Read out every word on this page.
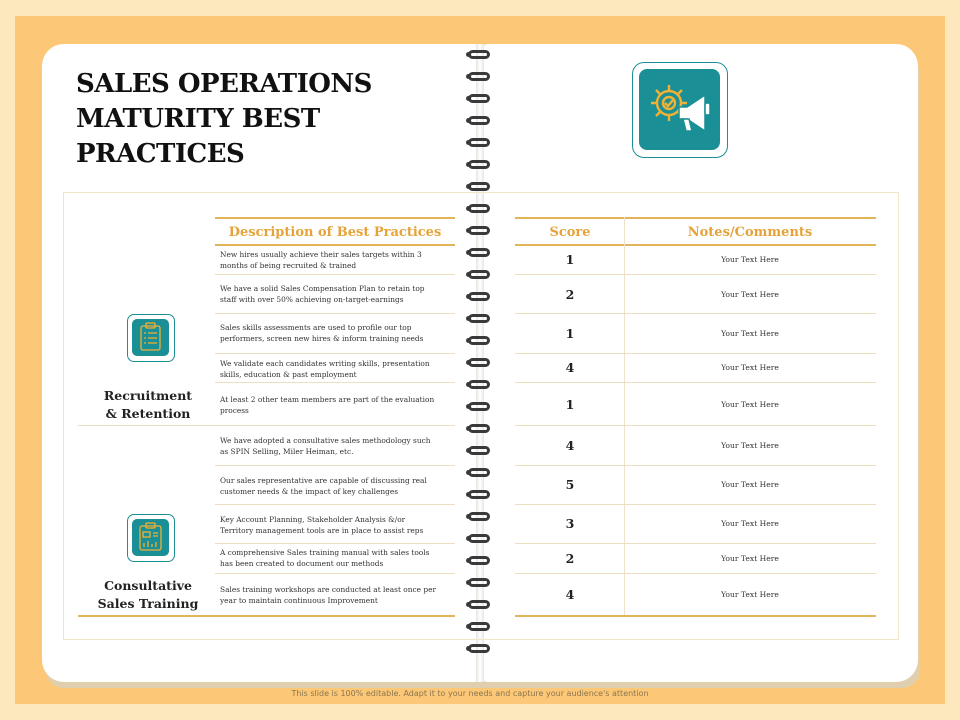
SALES OPERATIONS MATURITY BEST PRACTICES
Description of Best Practices	Score	Notes/Comments
Recruitment
& Retention
Consultative
Sales Training
New hires usually achieve their sales targets within 3
months of being recruited & trained
We have a solid Sales Compensation Plan to retain top
staff with over 50% achieving on-target-earnings
Sales skills assessments are used to profile our top
performers, screen new hires & inform training needs
We validate each candidates writing skills, presentation
skills, education & past employment
At least 2 other team members are part of the evaluation
process
We have adopted a consultative sales methodology such
as SPIN Selling, Miler Heiman, etc.
Our sales representative are capable of discussing real
customer needs & the impact of key challenges
Key Account Planning, Stakeholder Analysis &/or
Territory management tools are in place to assist reps
A comprehensive Sales training manual with sales tools
has been created to document our methods
Sales training workshops are conducted at least once per
year to maintain continuous Improvement
1
2
1
4
1
4
5
3
2
4
Your Text Here
Your Text Here
Your Text Here
Your Text Here
Your Text Here
Your Text Here
Your Text Here
Your Text Here
Your Text Here
Your Text Here
This slide is 100% editable. Adapt it to your needs and capture your audience's attention
